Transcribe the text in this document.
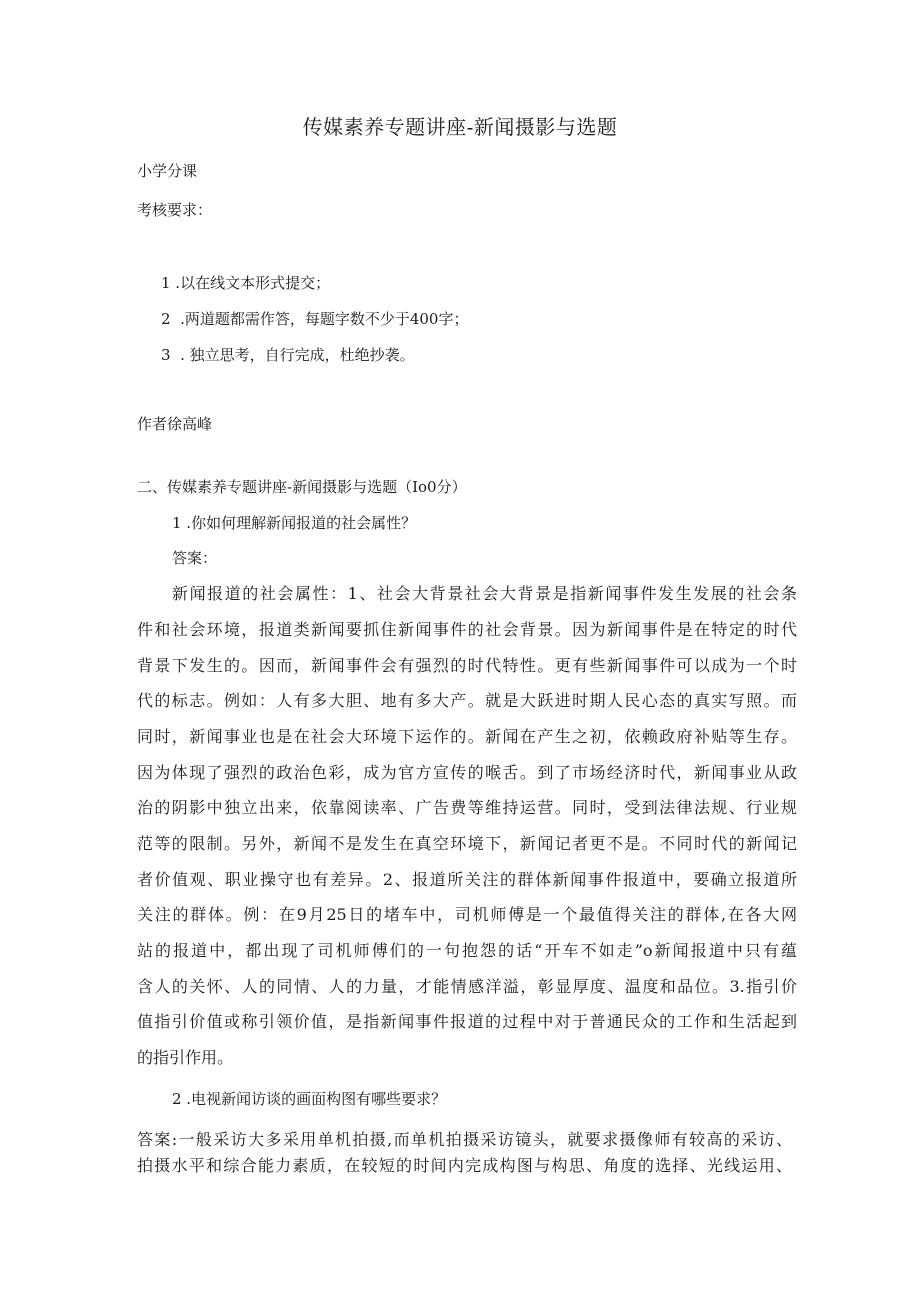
传媒素养专题讲座-新闻摄影与选题
小学分课
考核要求：
1 .以在线文本形式提交；
2  .两道题都需作答，每题字数不少于400字；
3  . 独立思考，自行完成，杜绝抄袭。
作者徐高峰
二、传媒素养专题讲座-新闻摄影与选题（Io0分）
1 .你如何理解新闻报道的社会属性？
答案：
新闻报道的社会属性：1、社会大背景社会大背景是指新闻事件发生发展的社会条
件和社会环境，报道类新闻要抓住新闻事件的社会背景。因为新闻事件是在特定的时代
背景下发生的。因而，新闻事件会有强烈的时代特性。更有些新闻事件可以成为一个时
代的标志。例如：人有多大胆、地有多大产。就是大跃进时期人民心态的真实写照。而
同时，新闻事业也是在社会大环境下运作的。新闻在产生之初，依赖政府补贴等生存。
因为体现了强烈的政治色彩，成为官方宣传的喉舌。到了市场经济时代，新闻事业从政
治的阴影中独立出来，依靠阅读率、广告费等维持运营。同时，受到法律法规、行业规
范等的限制。另外，新闻不是发生在真空环境下，新闻记者更不是。不同时代的新闻记
者价值观、职业操守也有差异。2、报道所关注的群体新闻事件报道中，要确立报道所
关注的群体。例：在9月25日的堵车中，司机师傅是一个最值得关注的群体,在各大网
站的报道中，都出现了司机师傅们的一句抱怨的话“开车不如走”o新闻报道中只有蕴
含人的关怀、人的同情、人的力量，才能情感洋溢，彰显厚度、温度和品位。3.指引价
值指引价值或称引领价值，是指新闻事件报道的过程中对于普通民众的工作和生活起到
的指引作用。
2 .电视新闻访谈的画面构图有哪些要求？
答案:一般采访大多采用单机拍摄,而单机拍摄采访镜头，就要求摄像师有较高的采访、
拍摄水平和综合能力素质，在较短的时间内完成构图与构思、角度的选择、光线运用、
